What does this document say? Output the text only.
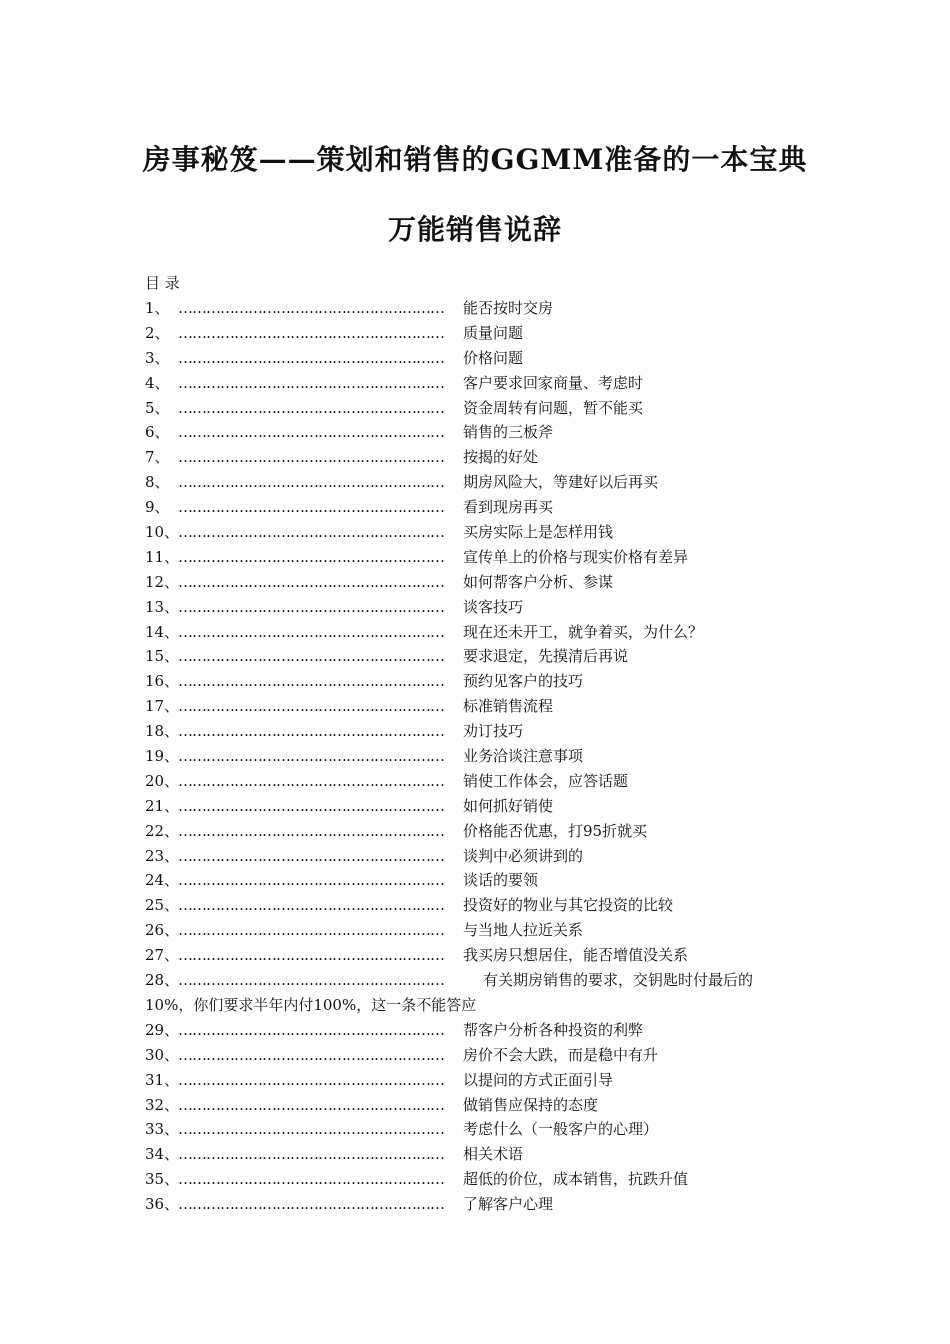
房事秘笈——策划和销售的GGMM准备的一本宝典
万能销售说辞
目 录
1、 ………………………………………………… 能否按时交房
2、 ………………………………………………… 质量问题
3、 ………………………………………………… 价格问题
4、 ………………………………………………… 客户要求回家商量、考虑时
5、 ………………………………………………… 资金周转有问题，暂不能买
6、 ………………………………………………… 销售的三板斧
7、 ………………………………………………… 按揭的好处
8、 ………………………………………………… 期房风险大，等建好以后再买
9、 ………………………………………………… 看到现房再买
10、………………………………………………… 买房实际上是怎样用钱
11、………………………………………………… 宣传单上的价格与现实价格有差异
12、………………………………………………… 如何帮客户分析、参谋
13、………………………………………………… 谈客技巧
14、………………………………………………… 现在还未开工，就争着买，为什么？
15、………………………………………………… 要求退定，先摸清后再说
16、………………………………………………… 预约见客户的技巧
17、………………………………………………… 标准销售流程
18、………………………………………………… 劝订技巧
19、………………………………………………… 业务洽谈注意事项
20、………………………………………………… 销使工作体会，应答话题
21、………………………………………………… 如何抓好销使
22、………………………………………………… 价格能否优惠，打95折就买
23、………………………………………………… 谈判中必须讲到的
24、………………………………………………… 谈话的要领
25、………………………………………………… 投资好的物业与其它投资的比较
26、………………………………………………… 与当地人拉近关系
27、………………………………………………… 我买房只想居住，能否增值没关系
28、…………………………………………………	有关期房销售的要求，交钥匙时付最后的
10%，你们要求半年内付100%，这一条不能答应
29、………………………………………………… 帮客户分析各种投资的利弊
30、………………………………………………… 房价不会大跌，而是稳中有升
31、………………………………………………… 以提问的方式正面引导
32、………………………………………………… 做销售应保持的态度
33、………………………………………………… 考虑什么（一般客户的心理）
34、………………………………………………… 相关术语
35、………………………………………………… 超低的价位，成本销售，抗跌升值
36、………………………………………………… 了解客户心理
